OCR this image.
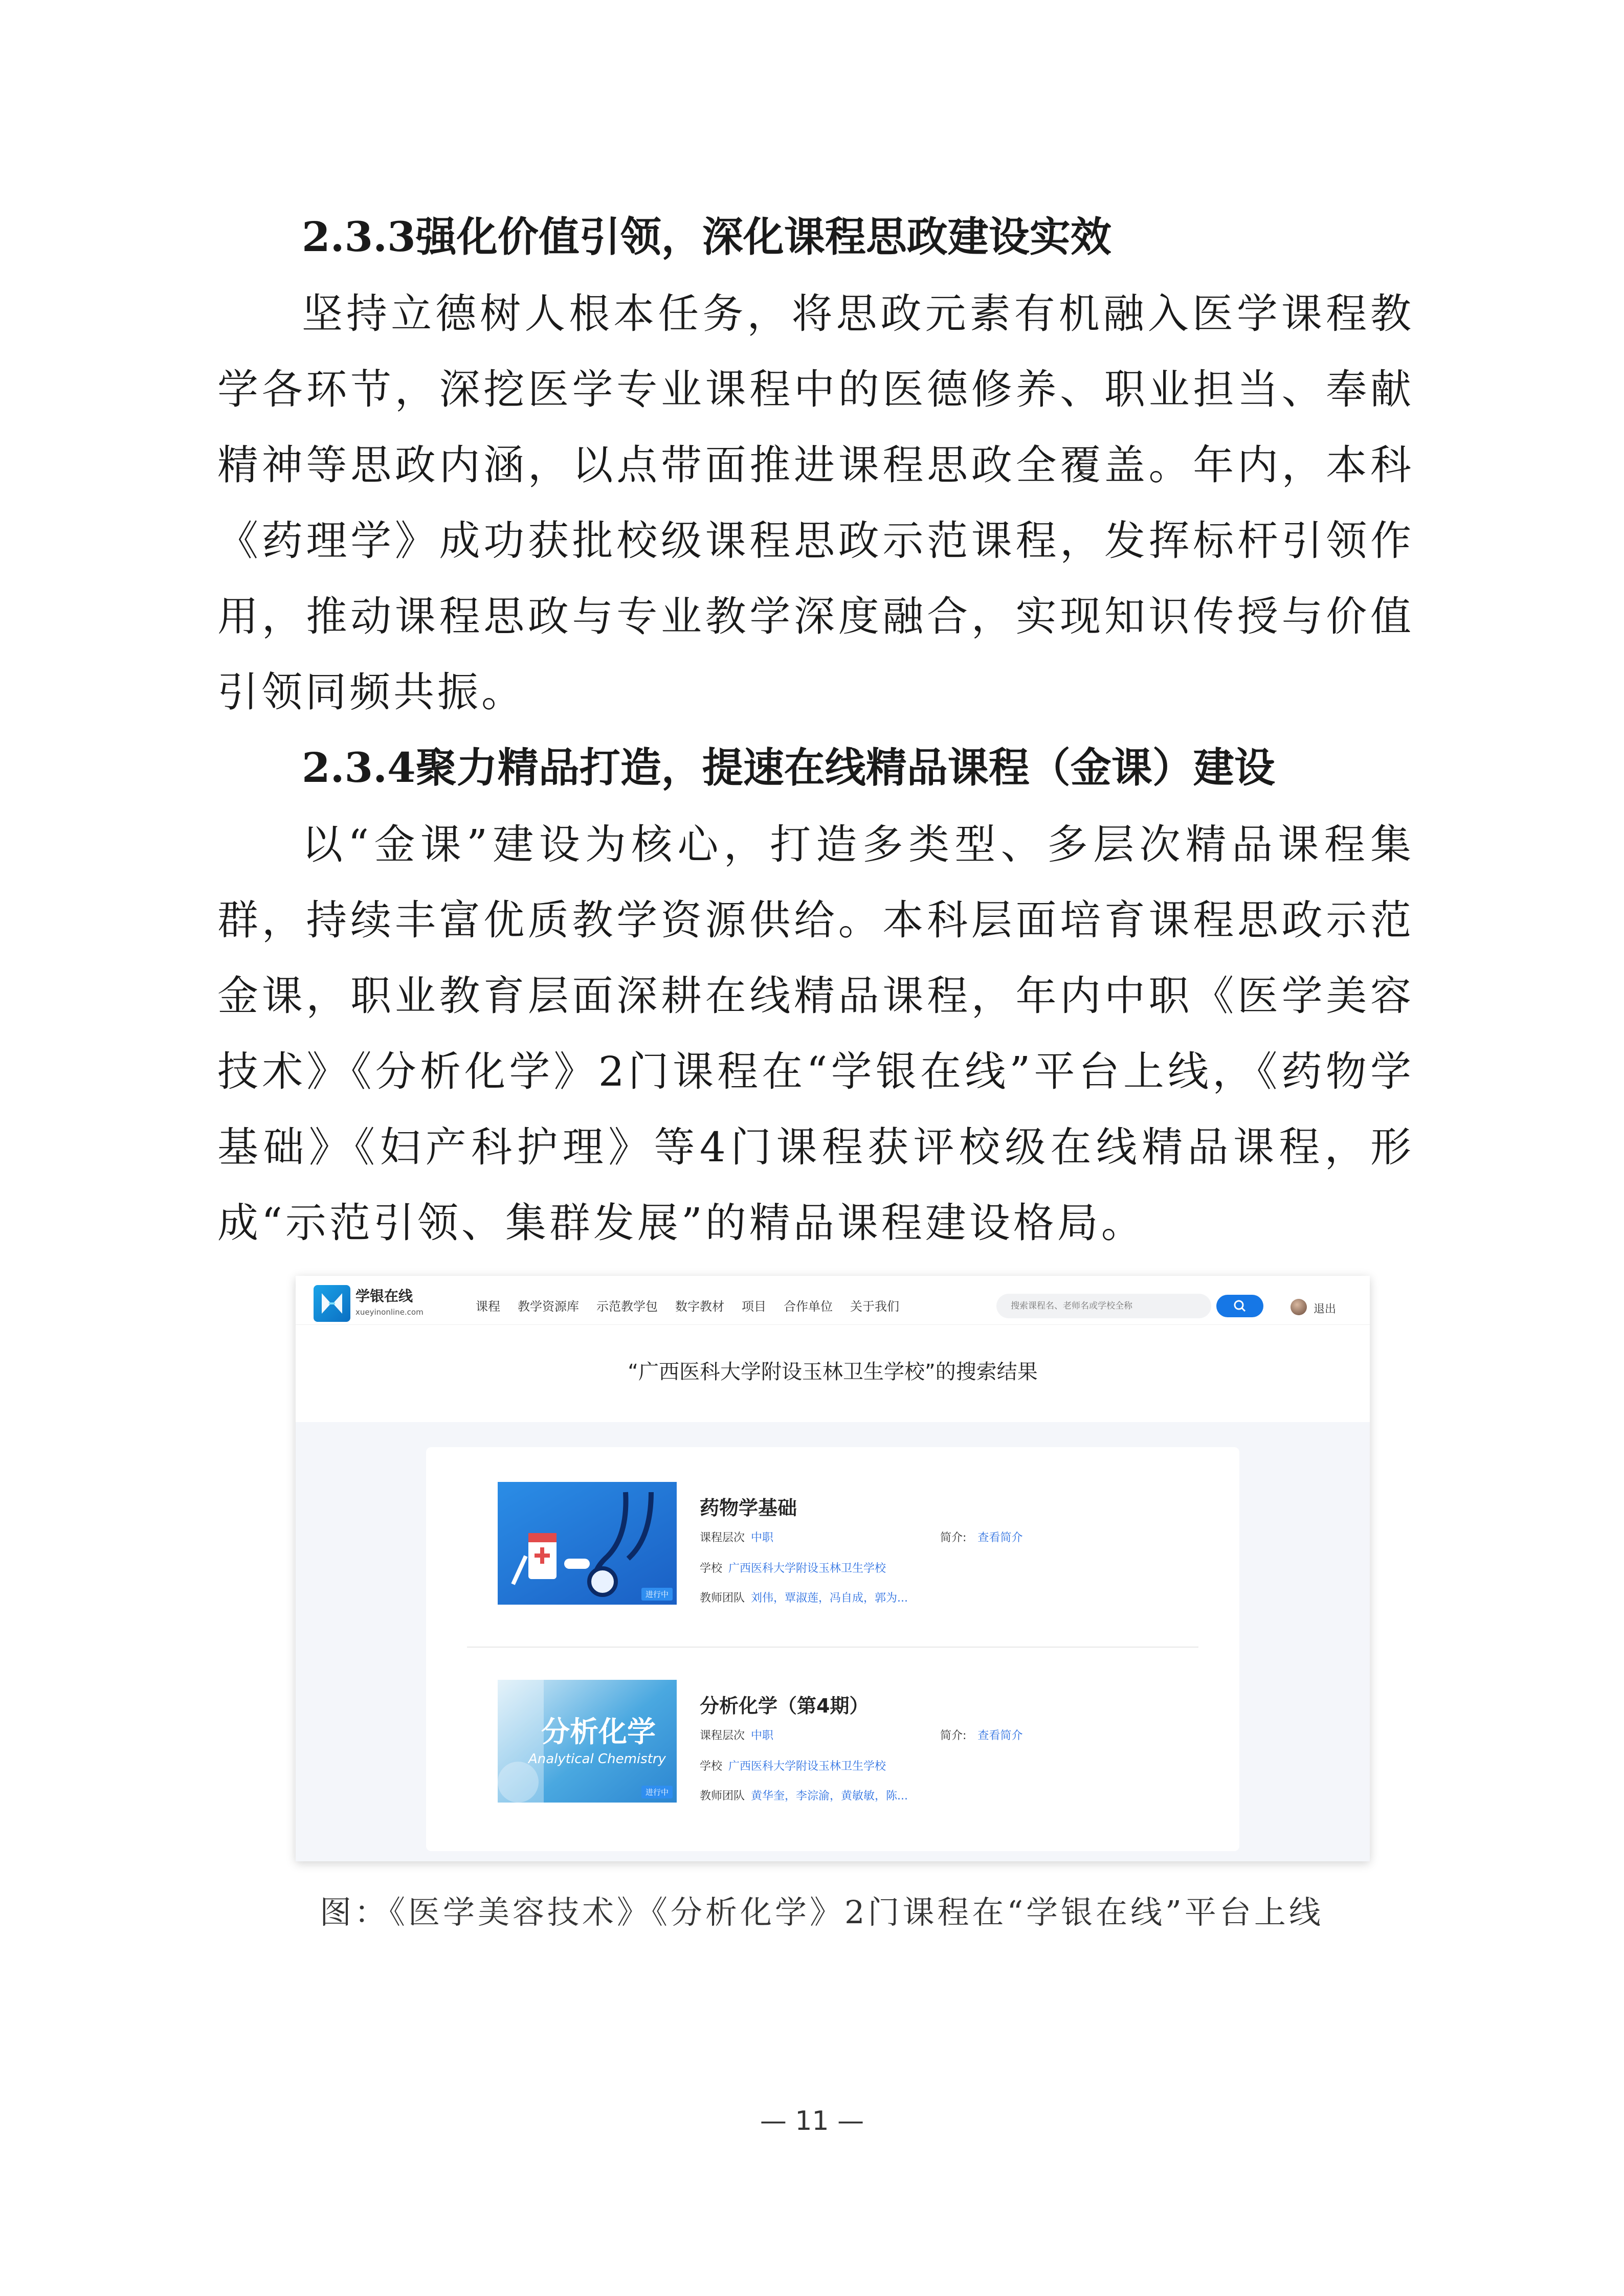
2.3.3强化价值引领，深化课程思政建设实效

坚持立德树人根本任务，将思政元素有机融入医学课程教学各环节，深挖医学专业课程中的医德修养、职业担当、奉献精神等思政内涵，以点带面推进课程思政全覆盖。年内，本科《药理学》成功获批校级课程思政示范课程，发挥标杆引领作用，推动课程思政与专业教学深度融合，实现知识传授与价值引领同频共振。

2.3.4聚力精品打造，提速在线精品课程（金课）建设

以“金课”建设为核心，打造多类型、多层次精品课程集群，持续丰富优质教学资源供给。本科层面培育课程思政示范金课，职业教育层面深耕在线精品课程，年内中职《医学美容技术》《分析化学》2门课程在“学银在线”平台上线，《药物学基础》《妇产科护理》等4门课程获评校级在线精品课程，形成“示范引领、集群发展”的精品课程建设格局。

学银在线
xueyinonline.com	课程 教学资源库 示范教学包 数字教材 项目 合作单位 关于我们
搜索课程名、老师名或学校全称	退出
“广西医科大学附设玉林卫生学校”的搜索结果
进行中
药物学基础
课程层次 中职
学校 广西医科大学附设玉林卫生学校
教师团队 刘伟，覃淑莲，冯自成，郭为...
简介: 查看简介
分析化学
Analytical Chemistry
进行中
分析化学（第4期）
课程层次 中职
学校 广西医科大学附设玉林卫生学校
教师团队 黄华奎，李淙渝，黄敏敏，陈...
简介: 查看简介

图：《医学美容技术》《分析化学》2门课程在“学银在线”平台上线

— 11 —
